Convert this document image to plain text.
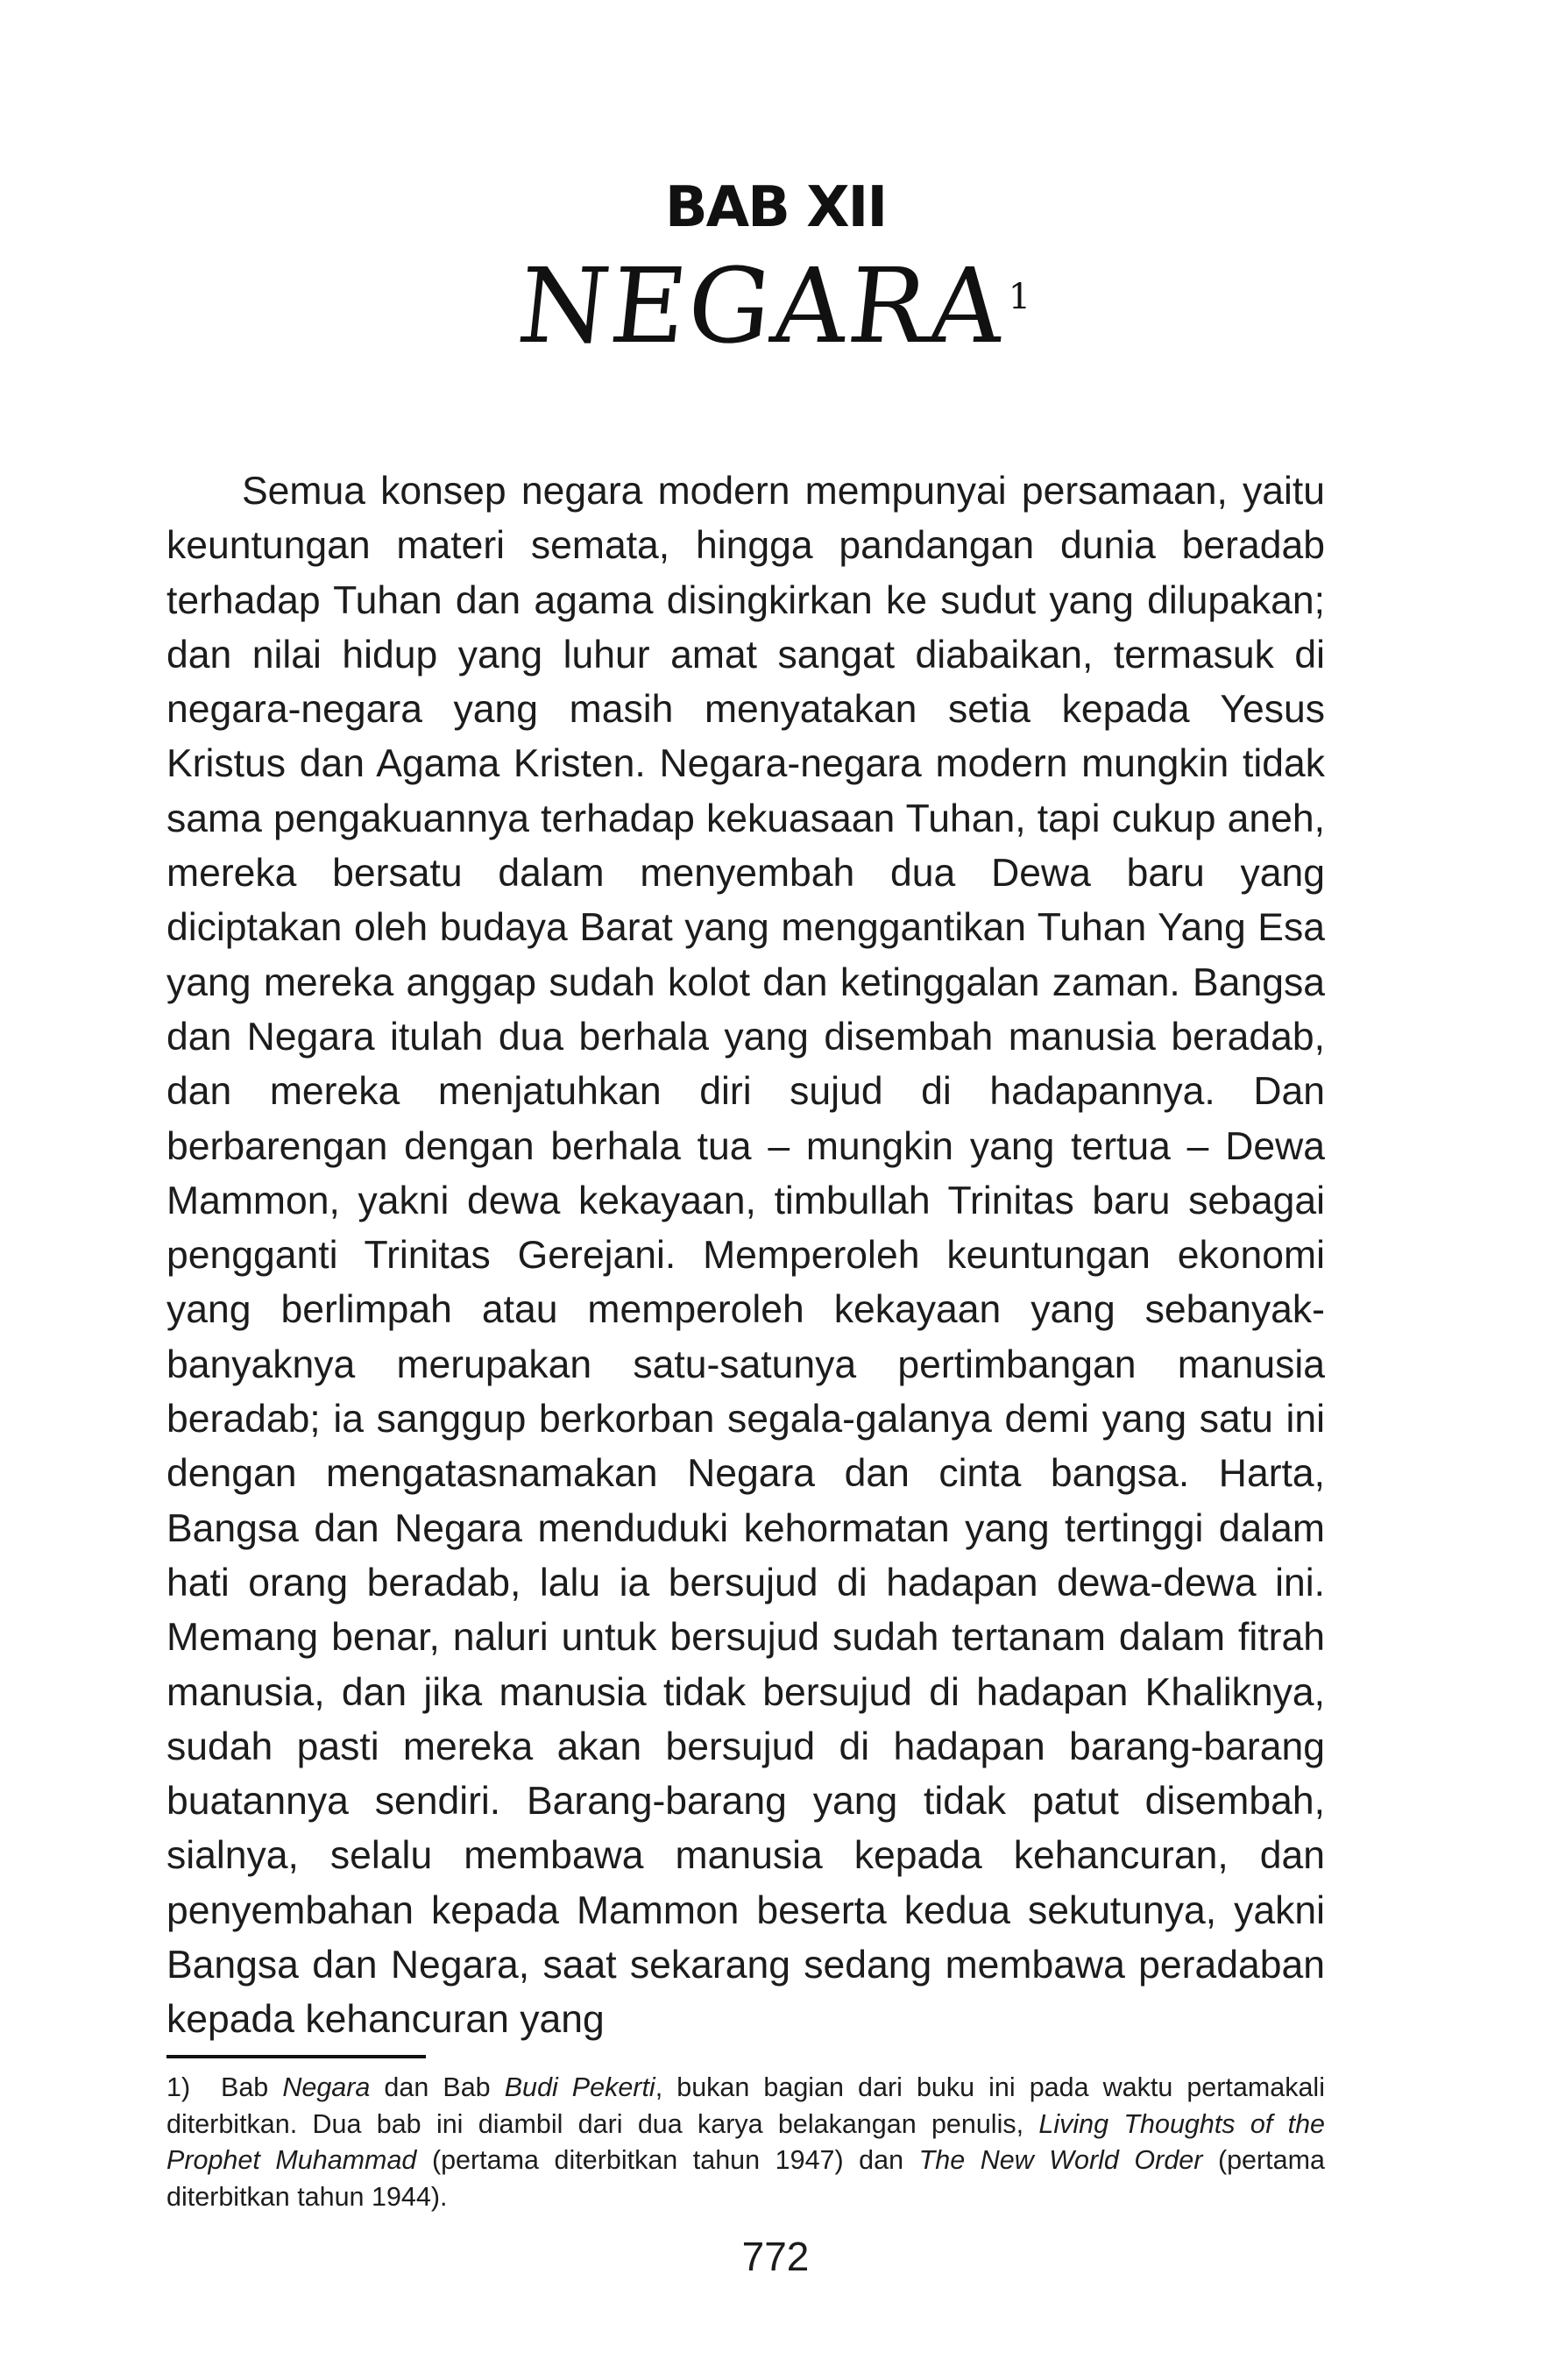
BAB XII
NEGARA$^1$

Semua konsep negara modern mempunyai persamaan, yaitu keuntungan materi semata, hingga pandangan dunia beradab terhadap Tuhan dan agama disingkirkan ke sudut yang dilupakan; dan nilai hidup yang luhur amat sangat diabaikan, termasuk di negara-negara yang masih menyatakan setia kepada Yesus Kristus dan Agama Kristen. Negara-negara modern mungkin tidak sama pengakuannya terhadap kekuasaan Tuhan, tapi cukup aneh, mereka bersatu dalam menyembah dua Dewa baru yang diciptakan oleh budaya Barat yang menggantikan Tuhan Yang Esa yang mereka anggap sudah kolot dan ketinggalan zaman. Bangsa dan Negara itulah dua berhala yang disembah manusia beradab, dan mereka menjatuhkan diri sujud di hadapannya. Dan berbarengan dengan berhala tua – mungkin yang tertua – Dewa Mammon, yakni dewa kekayaan, timbullah Trinitas baru sebagai pengganti Trinitas Gerejani. Memperoleh keuntungan ekonomi yang berlimpah atau memperoleh kekayaan yang sebanyak-banyaknya merupakan satu-satunya pertimbangan manusia beradab; ia sanggup berkorban segala-galanya demi yang satu ini dengan mengatasnamakan Negara dan cinta bangsa. Harta, Bangsa dan Negara menduduki kehormatan yang tertinggi dalam hati orang beradab, lalu ia bersujud di hadapan dewa-dewa ini. Memang benar, naluri untuk bersujud sudah tertanam dalam fitrah manusia, dan jika manusia tidak bersujud di hadapan Khaliknya, sudah pasti mereka akan bersujud di hadapan barang-barang buatannya sendiri. Barang-barang yang tidak patut disembah, sialnya, selalu membawa manusia kepada kehancuran, dan penyembahan kepada Mammon beserta kedua sekutunya, yakni Bangsa dan Negara, saat sekarang sedang membawa peradaban kepada kehancuran yang

1) Bab Negara dan Bab Budi Pekerti, bukan bagian dari buku ini pada waktu pertamakali diterbitkan. Dua bab ini diambil dari dua karya belakangan penulis, Living Thoughts of the Prophet Muhammad (pertama diterbitkan tahun 1947) dan The New World Order (pertama diterbitkan tahun 1944).

772
